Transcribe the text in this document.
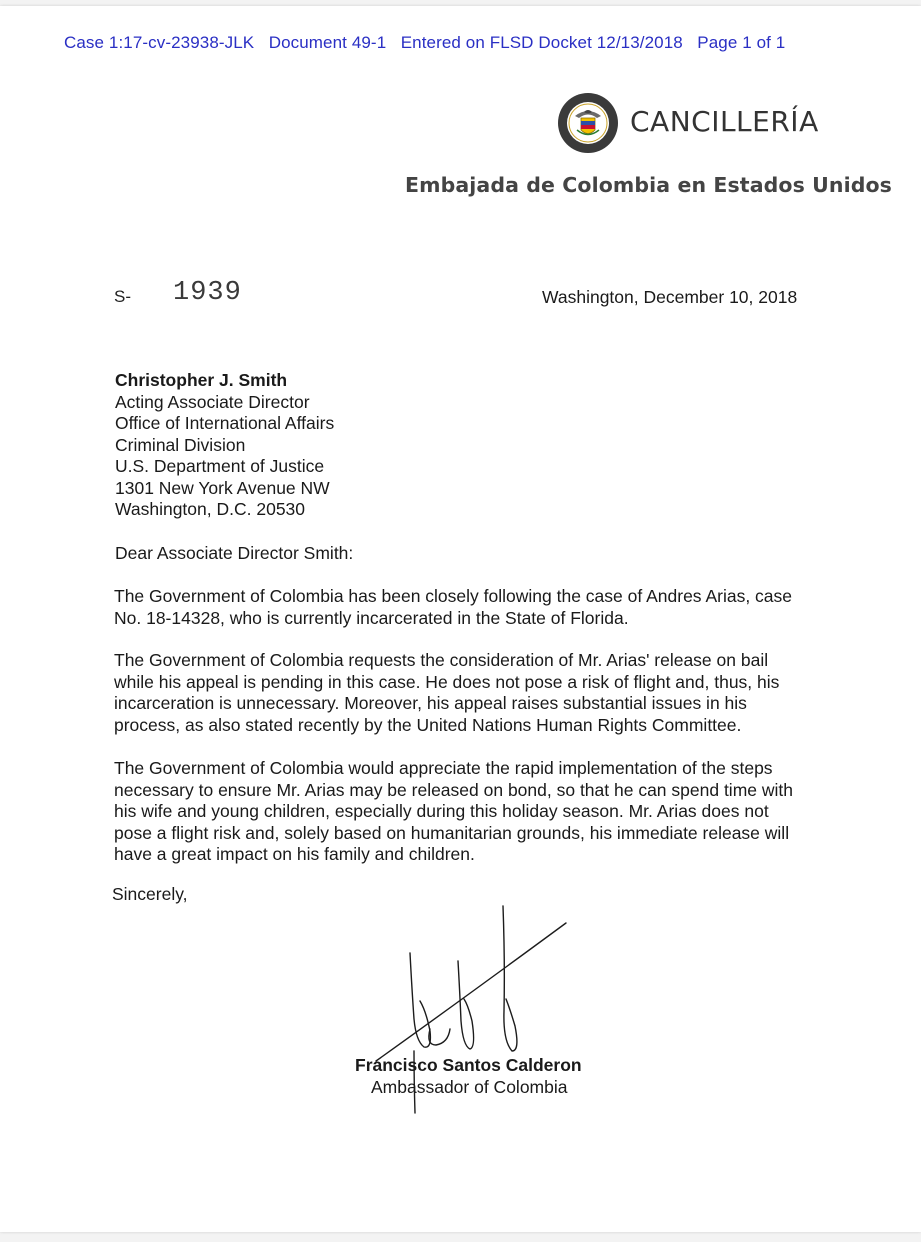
Case 1:17-cv-23938-JLK   Document 49-1   Entered on FLSD Docket 12/13/2018   Page 1 of 1
CANCILLERÍA
Embajada de Colombia en Estados Unidos
S- 1939	Washington, December 10, 2018
Christopher J. Smith
Acting Associate Director
Office of International Affairs
Criminal Division
U.S. Department of Justice
1301 New York Avenue NW
Washington, D.C. 20530
Dear Associate Director Smith:
The Government of Colombia has been closely following the case of Andres Arias, case
No. 18-14328, who is currently incarcerated in the State of Florida.
The Government of Colombia requests the consideration of Mr. Arias' release on bail
while his appeal is pending in this case. He does not pose a risk of flight and, thus, his
incarceration is unnecessary. Moreover, his appeal raises substantial issues in his
process, as also stated recently by the United Nations Human Rights Committee.
The Government of Colombia would appreciate the rapid implementation of the steps
necessary to ensure Mr. Arias may be released on bond, so that he can spend time with
his wife and young children, especially during this holiday season. Mr. Arias does not
pose a flight risk and, solely based on humanitarian grounds, his immediate release will
have a great impact on his family and children.
Sincerely,
Francisco Santos Calderon
Ambassador of Colombia
